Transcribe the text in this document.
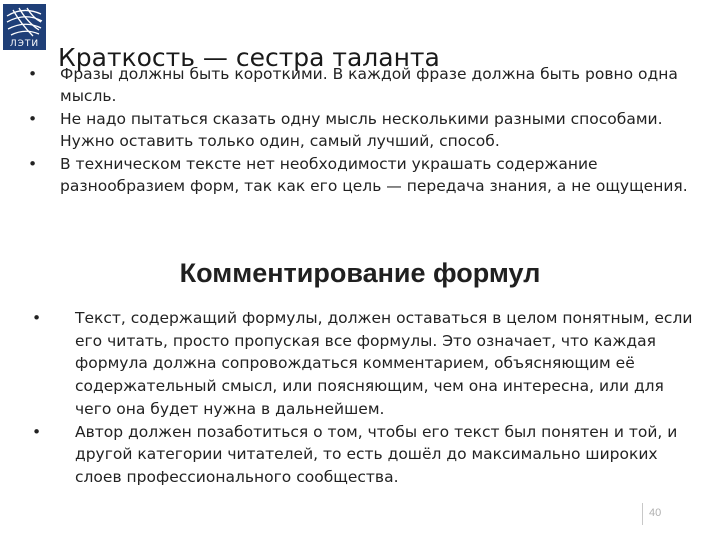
ЛЭТИ
• Фразы должны быть короткими. В каждой фразе должна быть ровно одна мысль.
• Не надо пытаться сказать одну мысль несколькими разными способами. Нужно оставить только один, самый лучший, способ.
• В техническом тексте нет необходимости украшать содержание разнообразием форм, так как его цель — передача знания, а не ощущения.
Краткость — сестра таланта
Комментирование формул
• Текст, содержащий формулы, должен оставаться в целом понятным, если его читать, просто пропуская все формулы. Это означает, что каждая формула должна сопровождаться комментарием, объясняющим её содержательный смысл, или поясняющим, чем она интересна, или для чего она будет нужна в дальнейшем.
• Автор должен позаботиться о том, чтобы его текст был понятен и той, и другой категории читателей, то есть дошёл до максимально широких слоев профессионального сообщества.
40
